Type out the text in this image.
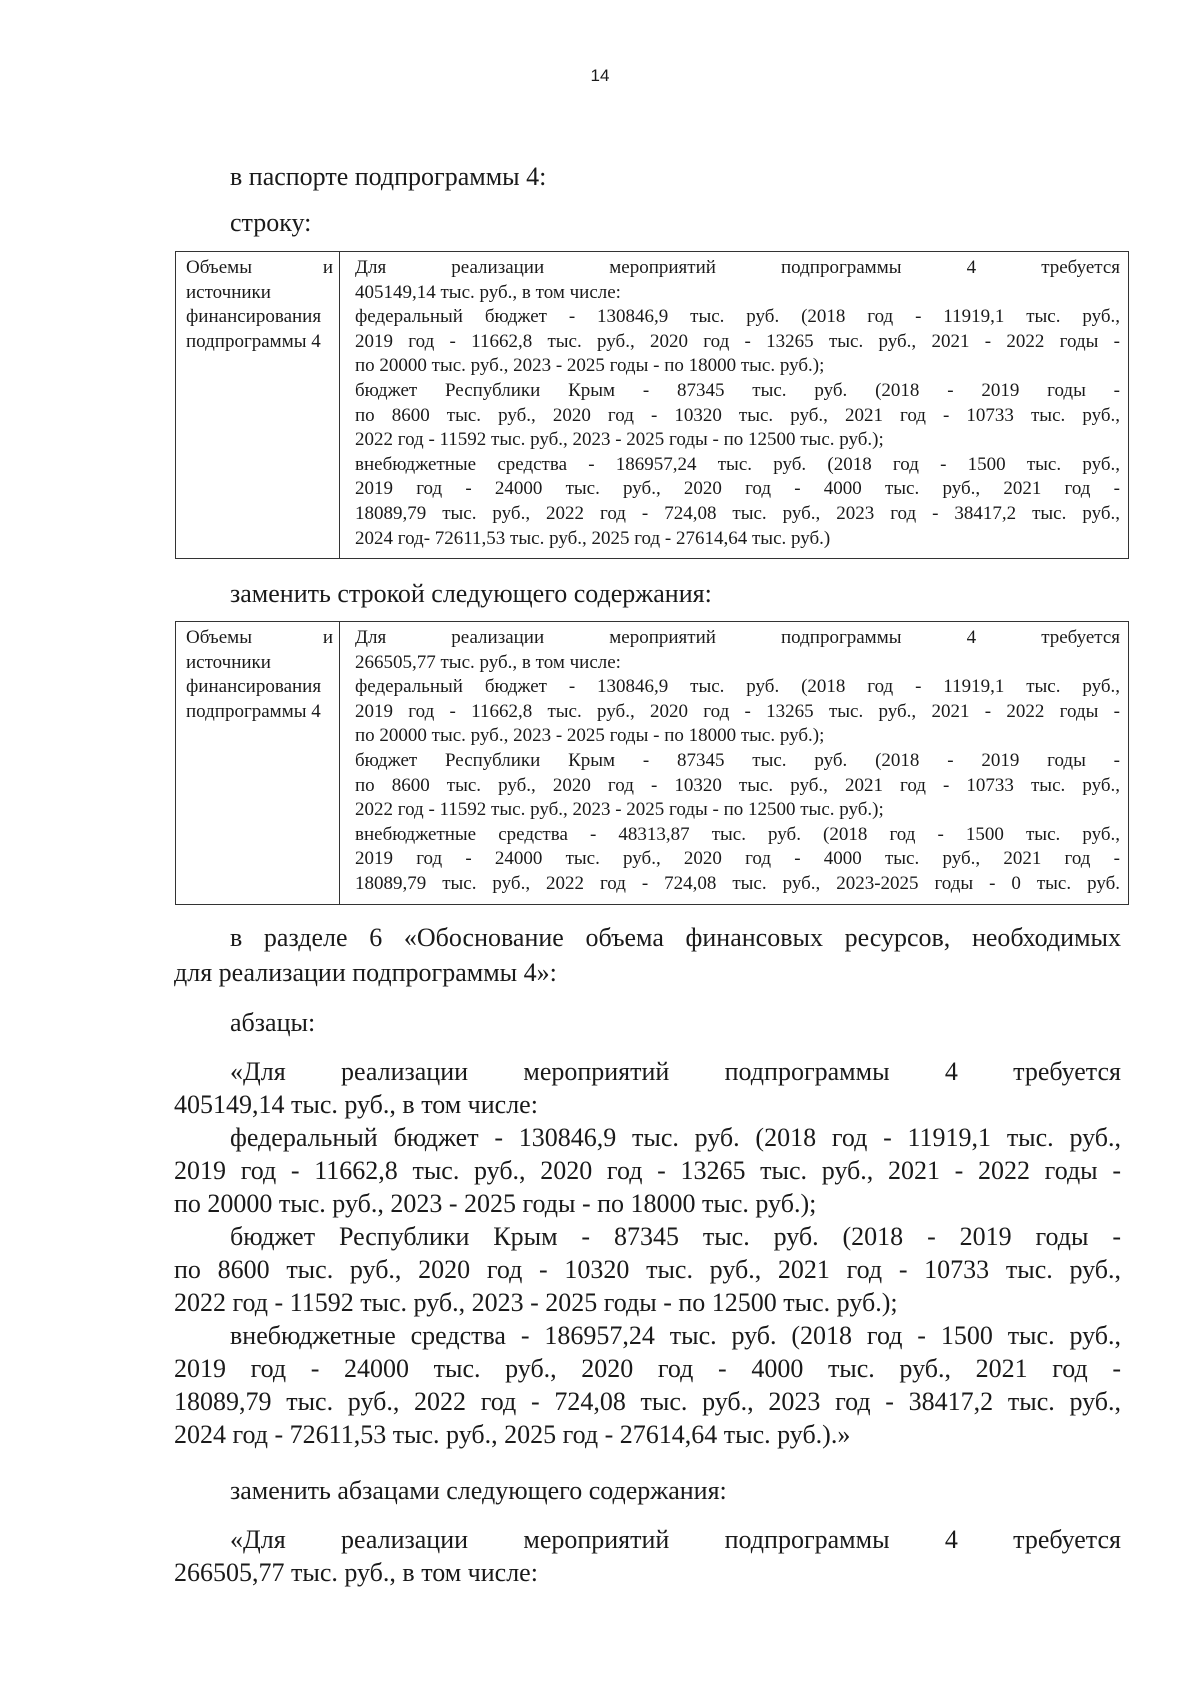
14
в паспорте подпрограммы 4:
строку:
Объемы и
источники
финансирования
подпрограммы 4
Для реализации мероприятий подпрограммы 4 требуется
405149,14 тыс. руб., в том числе:
федеральный бюджет - 130846,9 тыс. руб. (2018 год - 11919,1 тыс. руб.,
2019 год - 11662,8 тыс. руб., 2020 год - 13265 тыс. руб., 2021 - 2022 годы -
по 20000 тыс. руб., 2023 - 2025 годы - по 18000 тыс. руб.);
бюджет Республики Крым - 87345 тыс. руб. (2018 - 2019 годы -
по 8600 тыс. руб., 2020 год - 10320 тыс. руб., 2021 год - 10733 тыс. руб.,
2022 год - 11592 тыс. руб., 2023 - 2025 годы - по 12500 тыс. руб.);
внебюджетные средства - 186957,24 тыс. руб. (2018 год - 1500 тыс. руб.,
2019 год - 24000 тыс. руб., 2020 год - 4000 тыс. руб., 2021 год -
18089,79 тыс. руб., 2022 год - 724,08 тыс. руб., 2023 год - 38417,2 тыс. руб.,
2024 год- 72611,53 тыс. руб., 2025 год - 27614,64 тыс. руб.)
заменить строкой следующего содержания:
Объемы и
источники
финансирования
подпрограммы 4
Для реализации мероприятий подпрограммы 4 требуется
266505,77 тыс. руб., в том числе:
федеральный бюджет - 130846,9 тыс. руб. (2018 год - 11919,1 тыс. руб.,
2019 год - 11662,8 тыс. руб., 2020 год - 13265 тыс. руб., 2021 - 2022 годы -
по 20000 тыс. руб., 2023 - 2025 годы - по 18000 тыс. руб.);
бюджет Республики Крым - 87345 тыс. руб. (2018 - 2019 годы -
по 8600 тыс. руб., 2020 год - 10320 тыс. руб., 2021 год - 10733 тыс. руб.,
2022 год - 11592 тыс. руб., 2023 - 2025 годы - по 12500 тыс. руб.);
внебюджетные средства - 48313,87 тыс. руб. (2018 год - 1500 тыс. руб.,
2019 год - 24000 тыс. руб., 2020 год - 4000 тыс. руб., 2021 год -
18089,79 тыс. руб., 2022 год - 724,08 тыс. руб., 2023-2025 годы - 0 тыс. руб.
в разделе 6 «Обоснование объема финансовых ресурсов, необходимых
для реализации подпрограммы 4»:
абзацы:
«Для реализации мероприятий подпрограммы 4 требуется
405149,14 тыс. руб., в том числе:
федеральный бюджет - 130846,9 тыс. руб. (2018 год - 11919,1 тыс. руб.,
2019 год - 11662,8 тыс. руб., 2020 год - 13265 тыс. руб., 2021 - 2022 годы -
по 20000 тыс. руб., 2023 - 2025 годы - по 18000 тыс. руб.);
бюджет Республики Крым - 87345 тыс. руб. (2018 - 2019 годы -
по 8600 тыс. руб., 2020 год - 10320 тыс. руб., 2021 год - 10733 тыс. руб.,
2022 год - 11592 тыс. руб., 2023 - 2025 годы - по 12500 тыс. руб.);
внебюджетные средства - 186957,24 тыс. руб. (2018 год - 1500 тыс. руб.,
2019 год - 24000 тыс. руб., 2020 год - 4000 тыс. руб., 2021 год -
18089,79 тыс. руб., 2022 год - 724,08 тыс. руб., 2023 год - 38417,2 тыс. руб.,
2024 год - 72611,53 тыс. руб., 2025 год - 27614,64 тыс. руб.).»
заменить абзацами следующего содержания:
«Для реализации мероприятий подпрограммы 4 требуется
266505,77 тыс. руб., в том числе:
